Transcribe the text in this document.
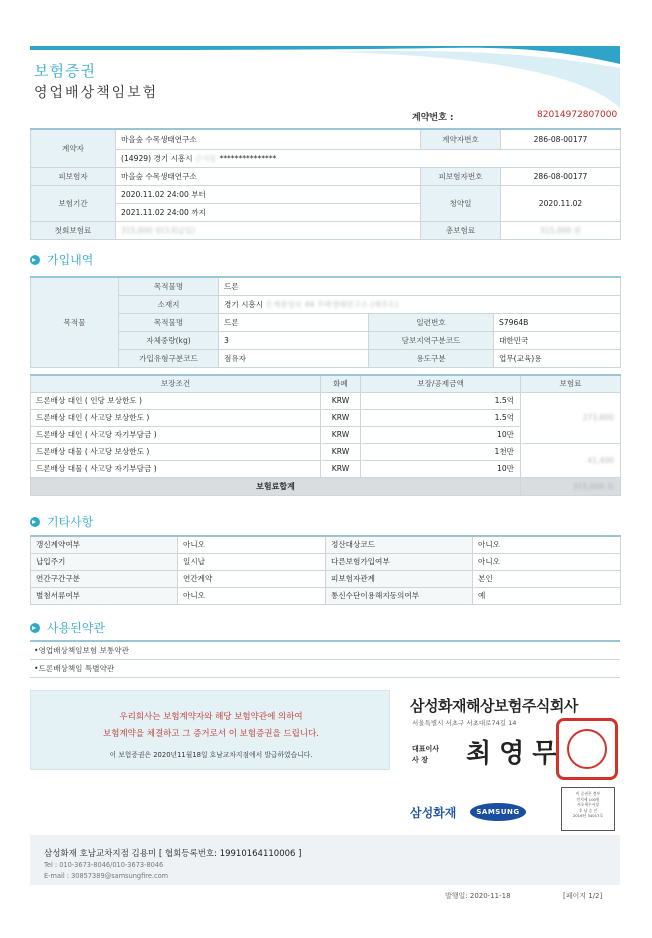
보험증권
영업배상책임보험
계약번호 :	82014972807000
계약자	마을숲 수목생태연구소	계약자번호	286-08-00177
	(14929) 경기 시흥시 근식동 ***************		
피보험자	마을숲 수목생태연구소	피보험자번호	286-08-00177
보험기간	2020.11.02 24:00 부터	청약일	2020.11.02
	2021.11.02 24:00 까지		
첫회보험료	315,000 원(1회납입)	총보험료	315,000 원
가입내역
목적물	목적물명	드론		
	소재지	경기 시흥시 은계중앙로 44 주택생태연구소 (제주도)		
	목적물명	드론	일련번호	S7964B
	자체중량(kg)	3	담보지역구분코드	대한민국
	가입유형구분코드	점유자	용도구분	업무(교육)용
보장조건	화폐	보장/공제금액	보험료
드론배상 대인 ( 인당 보상한도 )	KRW	1.5억	273,600
드론배상 대인 ( 사고당 보상한도 )	KRW	1.5억	
드론배상 대인 ( 사고당 자기부담금 )	KRW	10만	
드론배상 대물 ( 사고당 보상한도 )	KRW	1천만	41,400
드론배상 대물 ( 사고당 자기부담금 )	KRW	10만	
보험료합계			315,000 원
기타사항
갱신계약여부	아니오	정산대상코드	아니오
납입주기	일시납	다른보험가입여부	아니오
연간구간구분	연간계약	피보험자관계	본인
별첨서류여부	아니오	통신수단이용해지동의여부	예
사용된약관
•영업배상책임보험 보통약관
•드론배상책임 특별약관
우리회사는 보험계약자와 해당 보험약관에 의하여
보험계약을 체결하고 그 증거로서 이 보험증권을 드립니다.
이 보험증권은 2020년11월18일 호남교차지점에서 발급하였습니다.
삼성화재해상보험주식회사
서울특별시 서초구 서초대로74길 14
대표이사
사 장	최영무
삼성화재	SAMSUNG
이 증권은 정부
인지세 100원
서초세무서장
후 납 승 인
2016년 34017호
삼성화재 호남교차지점 김용미 [ 협회등록번호: 19910164110006 ]
Tel : 010-3673-8046/010-3673-8046
E-mail : 30857389@samsungfire.com
발행일: 2020-11-18	[페이지 1/2]
